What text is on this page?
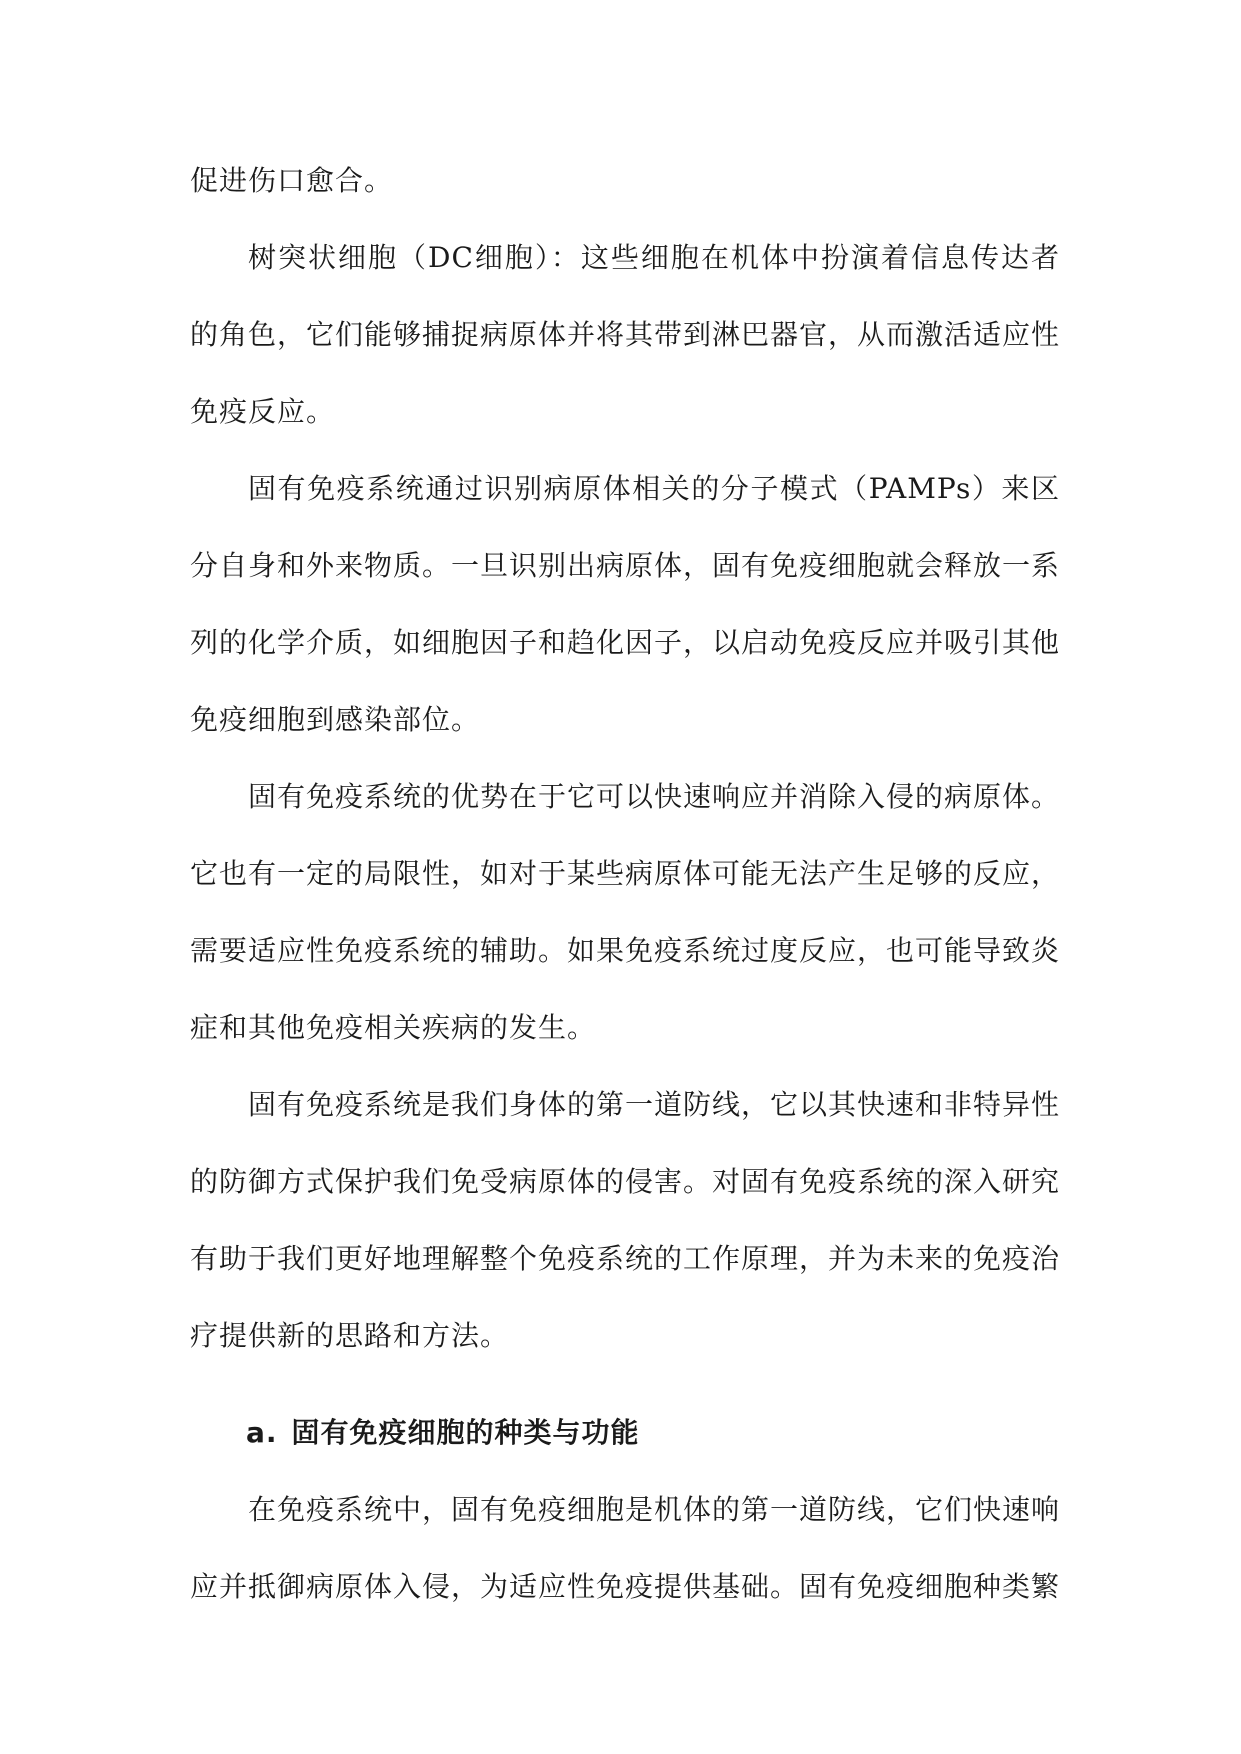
促进伤口愈合。

树突状细胞（DC细胞）：这些细胞在机体中扮演着信息传达者的角色，它们能够捕捉病原体并将其带到淋巴器官，从而激活适应性免疫反应。

固有免疫系统通过识别病原体相关的分子模式（PAMPs）来区分自身和外来物质。一旦识别出病原体，固有免疫细胞就会释放一系列的化学介质，如细胞因子和趋化因子，以启动免疫反应并吸引其他免疫细胞到感染部位。

固有免疫系统的优势在于它可以快速响应并消除入侵的病原体。它也有一定的局限性，如对于某些病原体可能无法产生足够的反应，需要适应性免疫系统的辅助。如果免疫系统过度反应，也可能导致炎症和其他免疫相关疾病的发生。

固有免疫系统是我们身体的第一道防线，它以其快速和非特异性的防御方式保护我们免受病原体的侵害。对固有免疫系统的深入研究有助于我们更好地理解整个免疫系统的工作原理，并为未来的免疫治疗提供新的思路和方法。

a. 固有免疫细胞的种类与功能

在免疫系统中，固有免疫细胞是机体的第一道防线，它们快速响应并抵御病原体入侵，为适应性免疫提供基础。固有免疫细胞种类繁
